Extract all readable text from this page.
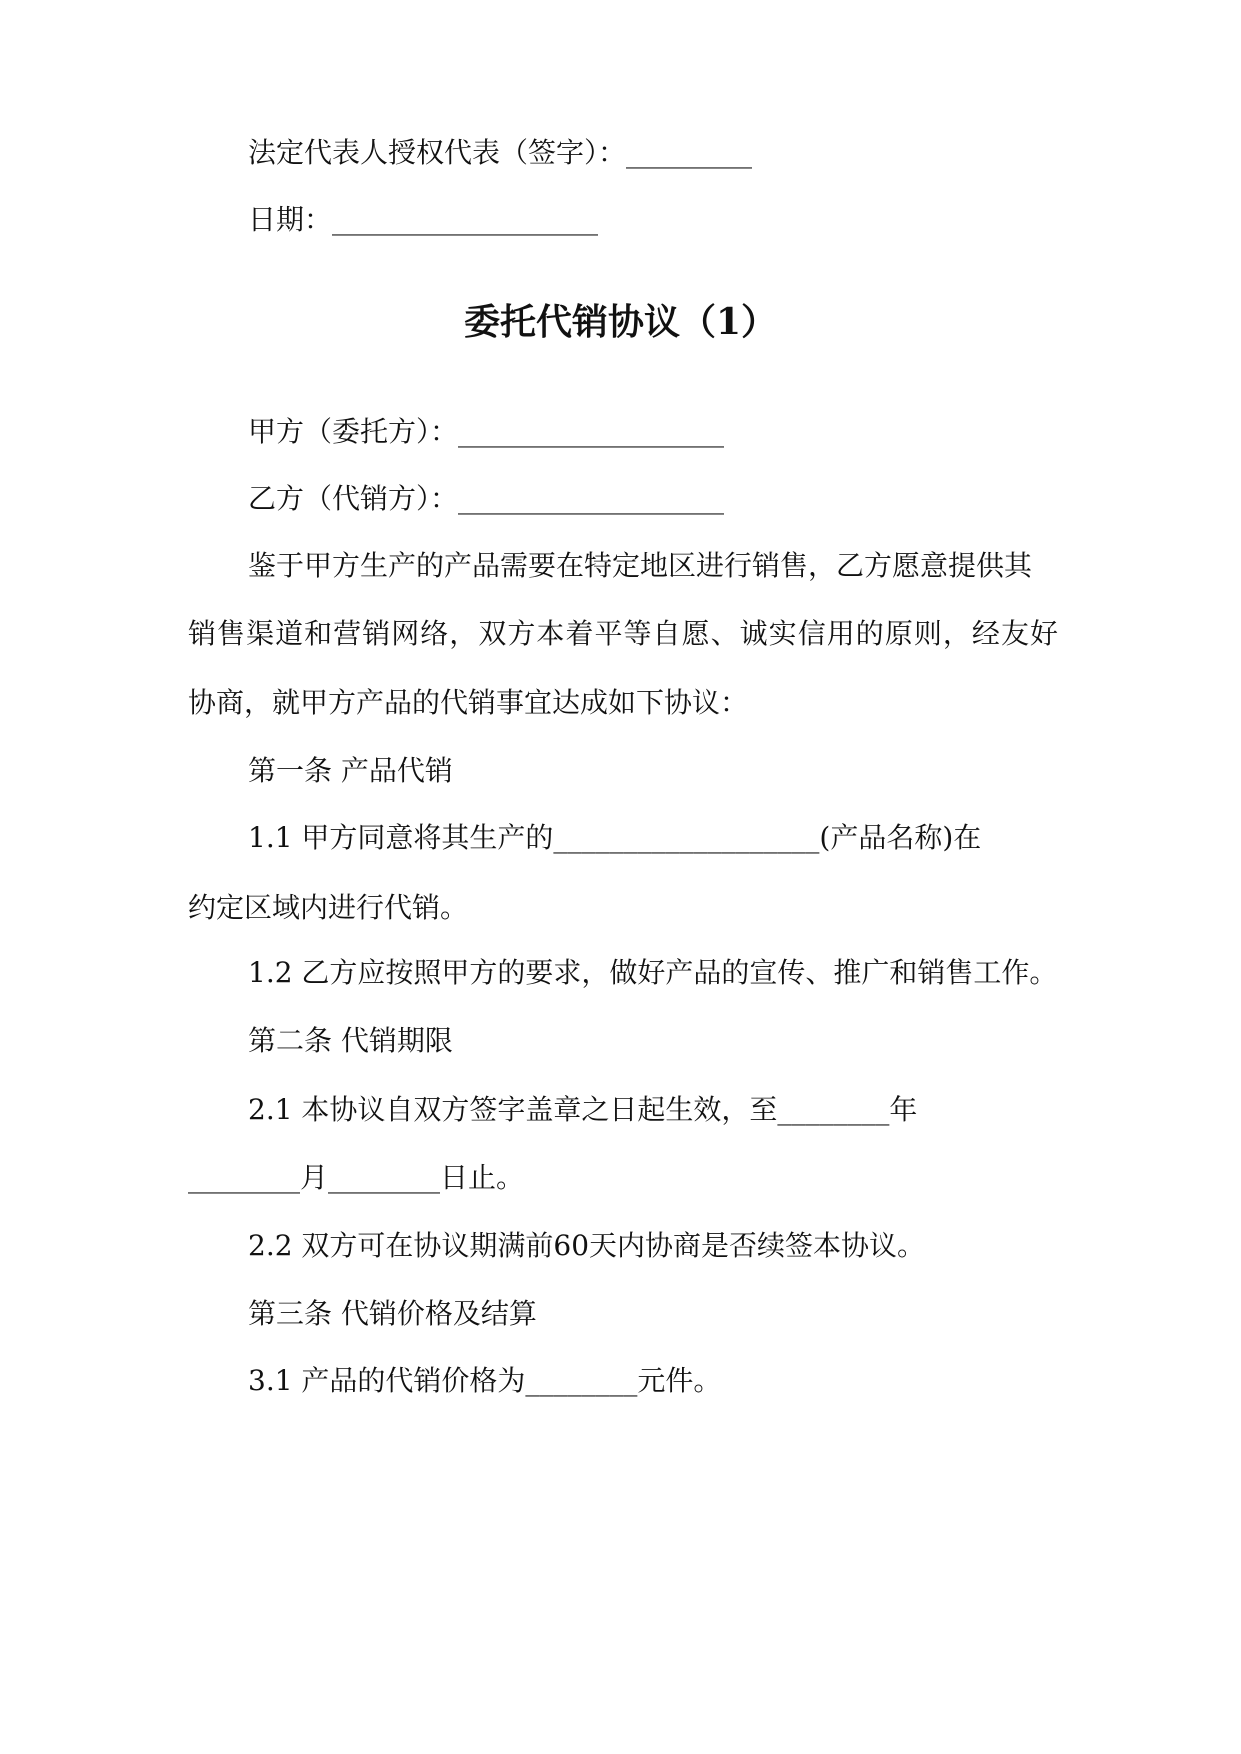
法定代表人授权代表（签字）：_________
日期：___________________
委托代销协议（1）
甲方（委托方）：___________________
乙方（代销方）：___________________
鉴于甲方生产的产品需要在特定地区进行销售，乙方愿意提供其
销售渠道和营销网络，双方本着平等自愿、诚实信用的原则，经友好
协商，就甲方产品的代销事宜达成如下协议：
第一条 产品代销
1.1 甲方同意将其生产的___________________(产品名称)在
约定区域内进行代销。
1.2 乙方应按照甲方的要求，做好产品的宣传、推广和销售工作。
第二条 代销期限
2.1 本协议自双方签字盖章之日起生效，至________年
________月________日止。
2.2 双方可在协议期满前60天内协商是否续签本协议。
第三条 代销价格及结算
3.1 产品的代销价格为________元件。
